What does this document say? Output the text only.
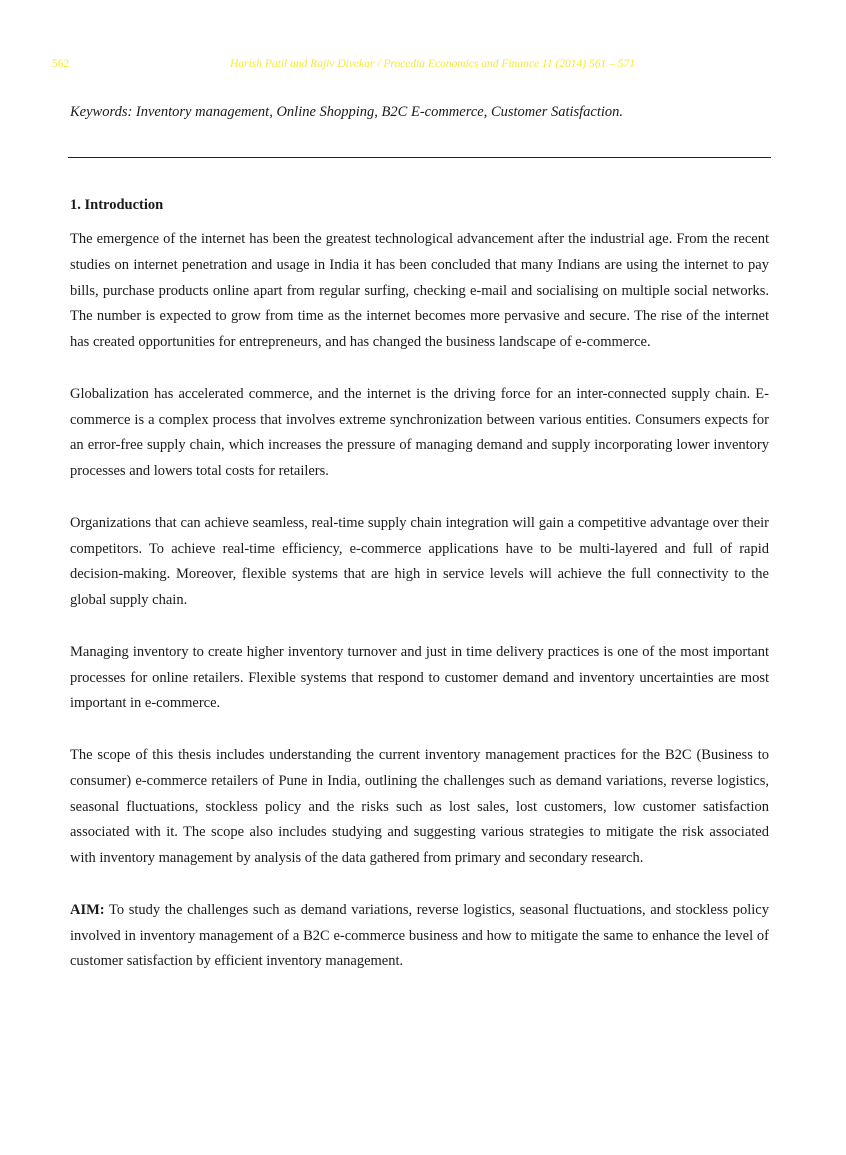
562	Harish Patil and Rajiv Divekar / Procedia Economics and Finance 11 (2014) 561 – 571

Keywords: Inventory management, Online Shopping, B2C E-commerce, Customer Satisfaction.

1. Introduction

The emergence of the internet has been the greatest technological advancement after the industrial age. From the recent studies on internet penetration and usage in India it has been concluded that many Indians are using the internet to pay bills, purchase products online apart from regular surfing, checking e-mail and socialising on multiple social networks. The number is expected to grow from time as the internet becomes more pervasive and secure. The rise of the internet has created opportunities for entrepreneurs, and has changed the business landscape of e-commerce.

Globalization has accelerated commerce, and the internet is the driving force for an inter-connected supply chain. E-commerce is a complex process that involves extreme synchronization between various entities. Consumers expects for an error-free supply chain, which increases the pressure of managing demand and supply incorporating lower inventory processes and lowers total costs for retailers.

Organizations that can achieve seamless, real-time supply chain integration will gain a competitive advantage over their competitors. To achieve real-time efficiency, e-commerce applications have to be multi-layered and full of rapid decision-making. Moreover, flexible systems that are high in service levels will achieve the full connectivity to the global supply chain.

Managing inventory to create higher inventory turnover and just in time delivery practices is one of the most important processes for online retailers. Flexible systems that respond to customer demand and inventory uncertainties are most important in e-commerce.

The scope of this thesis includes understanding the current inventory management practices for the B2C (Business to consumer) e-commerce retailers of Pune in India, outlining the challenges such as demand variations, reverse logistics, seasonal fluctuations, stockless policy and the risks such as lost sales, lost customers, low customer satisfaction associated with it. The scope also includes studying and suggesting various strategies to mitigate the risk associated with inventory management by analysis of the data gathered from primary and secondary research.

AIM: To study the challenges such as demand variations, reverse logistics, seasonal fluctuations, and stockless policy involved in inventory management of a B2C e-commerce business and how to mitigate the same to enhance the level of customer satisfaction by efficient inventory management.
